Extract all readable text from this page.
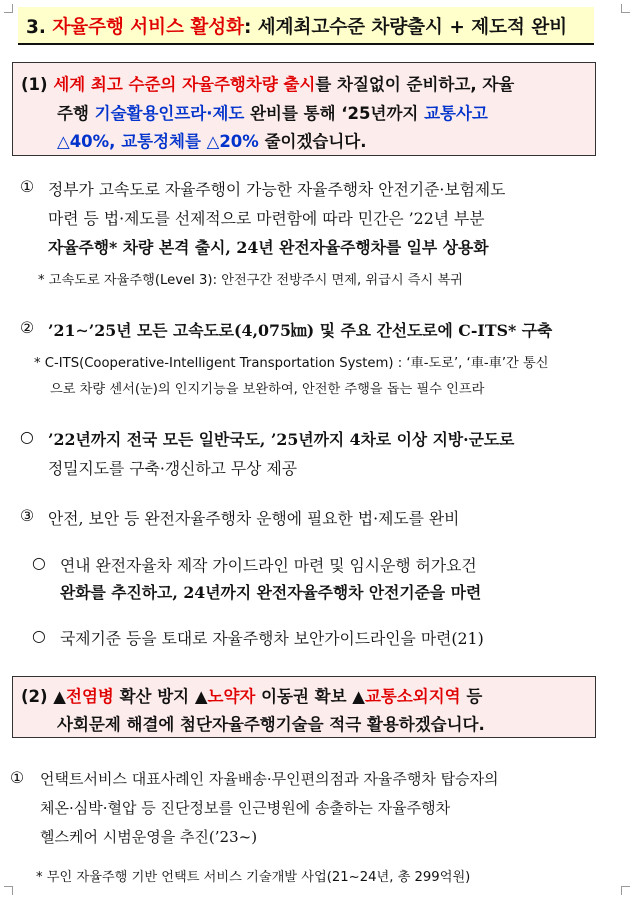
3. 자율주행 서비스 활성화: 세계최고수준 차량출시 + 제도적 완비
(1) 세계 최고 수준의 자율주행차량 출시를 차질없이 준비하고, 자율
주행 기술활용인프라·제도 완비를 통해 ‘25년까지 교통사고
△40%, 교통정체를 △20% 줄이겠습니다.
① 정부가 고속도로 자율주행이 가능한 자율주행차 안전기준·보험제도
마련 등 법·제도를 선제적으로 마련함에 따라 민간은 ’22년 부분
자율주행* 차량 본격 출시, 24년 완전자율주행차를 일부 상용화
* 고속도로 자율주행(Level 3): 안전구간 전방주시 면제, 위급시 즉시 복귀
② ’21∼’25년 모든 고속도로(4,075㎞) 및 주요 간선도로에 C-ITS* 구축
* C-ITS(Cooperative-Intelligent Transportation System) : ‘車-도로’, ‘車-車’간 통신
으로 차량 센서(눈)의 인지기능을 보완하여, 안전한 주행을 돕는 필수 인프라
○ ’22년까지 전국 모든 일반국도, ’25년까지 4차로 이상 지방·군도로
정밀지도를 구축·갱신하고 무상 제공
③ 안전, 보안 등 완전자율주행차 운행에 필요한 법·제도를 완비
○ 연내 완전자율차 제작 가이드라인 마련 및 임시운행 허가요건
완화를 추진하고, 24년까지 완전자율주행차 안전기준을 마련
○ 국제기준 등을 토대로 자율주행차 보안가이드라인을 마련(21)
(2) ▲전염병 확산 방지 ▲노약자 이동권 확보 ▲교통소외지역 등
사회문제 해결에 첨단자율주행기술을 적극 활용하겠습니다.
① 언택트서비스 대표사례인 자율배송·무인편의점과 자율주행차 탑승자의
체온·심박·혈압 등 진단정보를 인근병원에 송출하는 자율주행차
헬스케어 시범운영을 추진(’23~)
* 무인 자율주행 기반 언택트 서비스 기술개발 사업(21~24년, 총 299억원)
